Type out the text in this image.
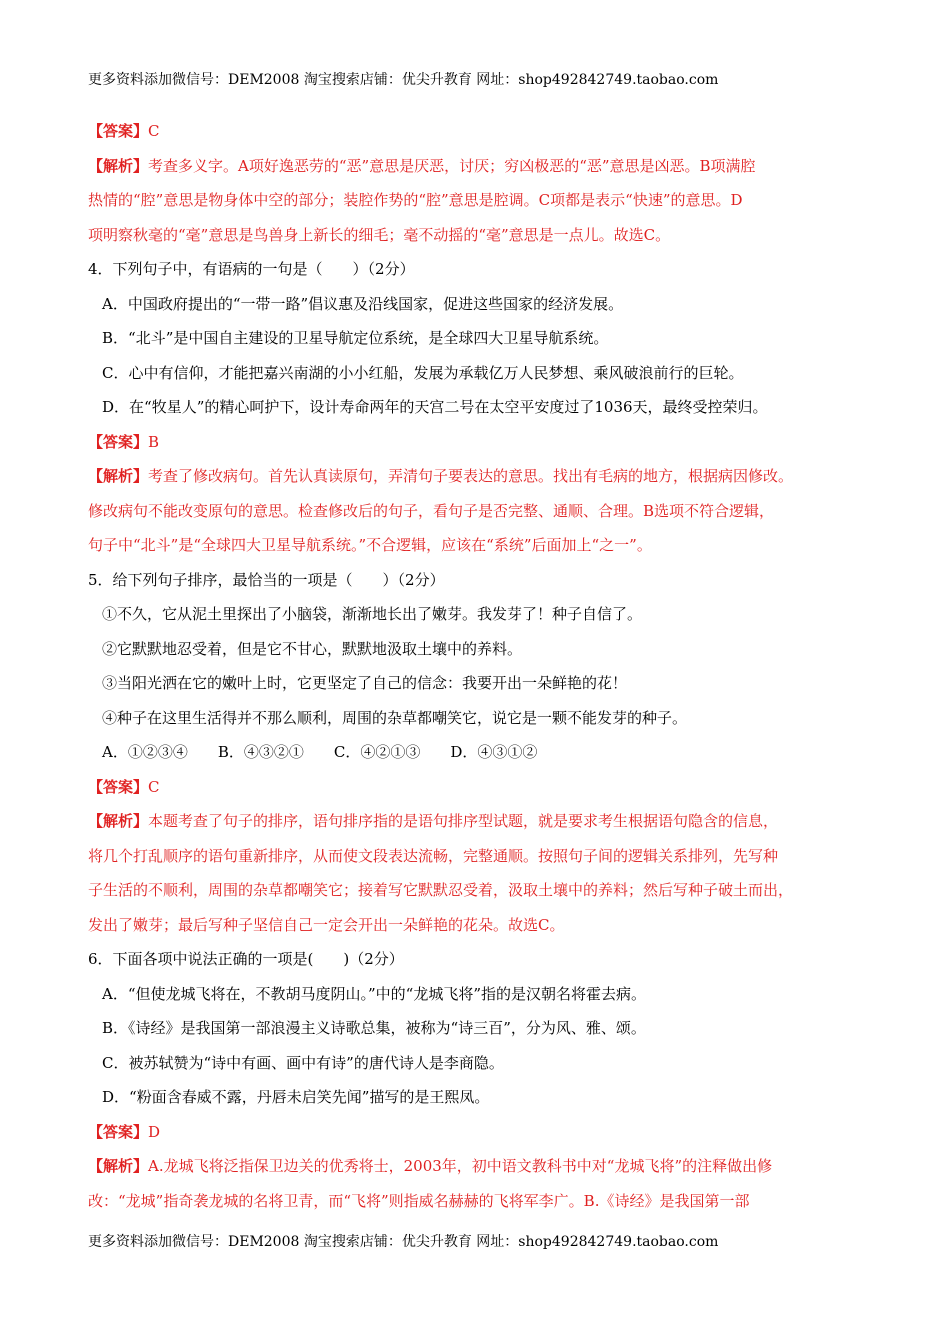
更多资料添加微信号：DEM2008 淘宝搜索店铺：优尖升教育 网址：shop492842749.taobao.com
【答案】C
【解析】考查多义字。A项好逸恶劳的“恶”意思是厌恶，讨厌；穷凶极恶的“恶”意思是凶恶。B项满腔
热情的“腔”意思是物身体中空的部分；装腔作势的“腔”意思是腔调。C项都是表示“快速”的意思。D
项明察秋毫的“毫”意思是鸟兽身上新长的细毛；毫不动摇的“毫”意思是一点儿。故选C。
4．下列句子中，有语病的一句是（　　）（2分）
A．中国政府提出的“一带一路”倡议惠及沿线国家，促进这些国家的经济发展。
B．“北斗”是中国自主建设的卫星导航定位系统，是全球四大卫星导航系统。
C．心中有信仰，才能把嘉兴南湖的小小红船，发展为承载亿万人民梦想、乘风破浪前行的巨轮。
D．在“牧星人”的精心呵护下，设计寿命两年的天宫二号在太空平安度过了1036天，最终受控荣归。
【答案】B
【解析】考查了修改病句。首先认真读原句，弄清句子要表达的意思。找出有毛病的地方，根据病因修改。
修改病句不能改变原句的意思。检查修改后的句子，看句子是否完整、通顺、合理。B选项不符合逻辑，
句子中“北斗”是“全球四大卫星导航系统。”不合逻辑，应该在“系统”后面加上“之一”。
5．给下列句子排序，最恰当的一项是（　　）（2分）
①不久，它从泥土里探出了小脑袋，渐渐地长出了嫩芽。我发芽了！种子自信了。
②它默默地忍受着，但是它不甘心，默默地汲取土壤中的养料。
③当阳光洒在它的嫩叶上时，它更坚定了自己的信念：我要开出一朵鲜艳的花！
④种子在这里生活得并不那么顺利，周围的杂草都嘲笑它，说它是一颗不能发芽的种子。
A．①②③④ B．④③②① C．④②①③ D．④③①②
【答案】C
【解析】本题考查了句子的排序，语句排序指的是语句排序型试题，就是要求考生根据语句隐含的信息，
将几个打乱顺序的语句重新排序，从而使文段表达流畅，完整通顺。按照句子间的逻辑关系排列，先写种
子生活的不顺利，周围的杂草都嘲笑它；接着写它默默忍受着，汲取土壤中的养料；然后写种子破土而出，
发出了嫩芽；最后写种子坚信自己一定会开出一朵鲜艳的花朵。故选C。
6．下面各项中说法正确的一项是(　　)（2分）
A．“但使龙城飞将在，不教胡马度阴山。”中的“龙城飞将”指的是汉朝名将霍去病。
B．《诗经》是我国第一部浪漫主义诗歌总集，被称为“诗三百”，分为风、雅、颂。
C．被苏轼赞为“诗中有画、画中有诗”的唐代诗人是李商隐。
D．“粉面含春威不露，丹唇未启笑先闻”描写的是王熙凤。
【答案】D
【解析】A.龙城飞将泛指保卫边关的优秀将士，2003年，初中语文教科书中对“龙城飞将”的注释做出修
改：“龙城”指奇袭龙城的名将卫青，而“飞将”则指威名赫赫的飞将军李广。B.《诗经》是我国第一部
更多资料添加微信号：DEM2008 淘宝搜索店铺：优尖升教育 网址：shop492842749.taobao.com
